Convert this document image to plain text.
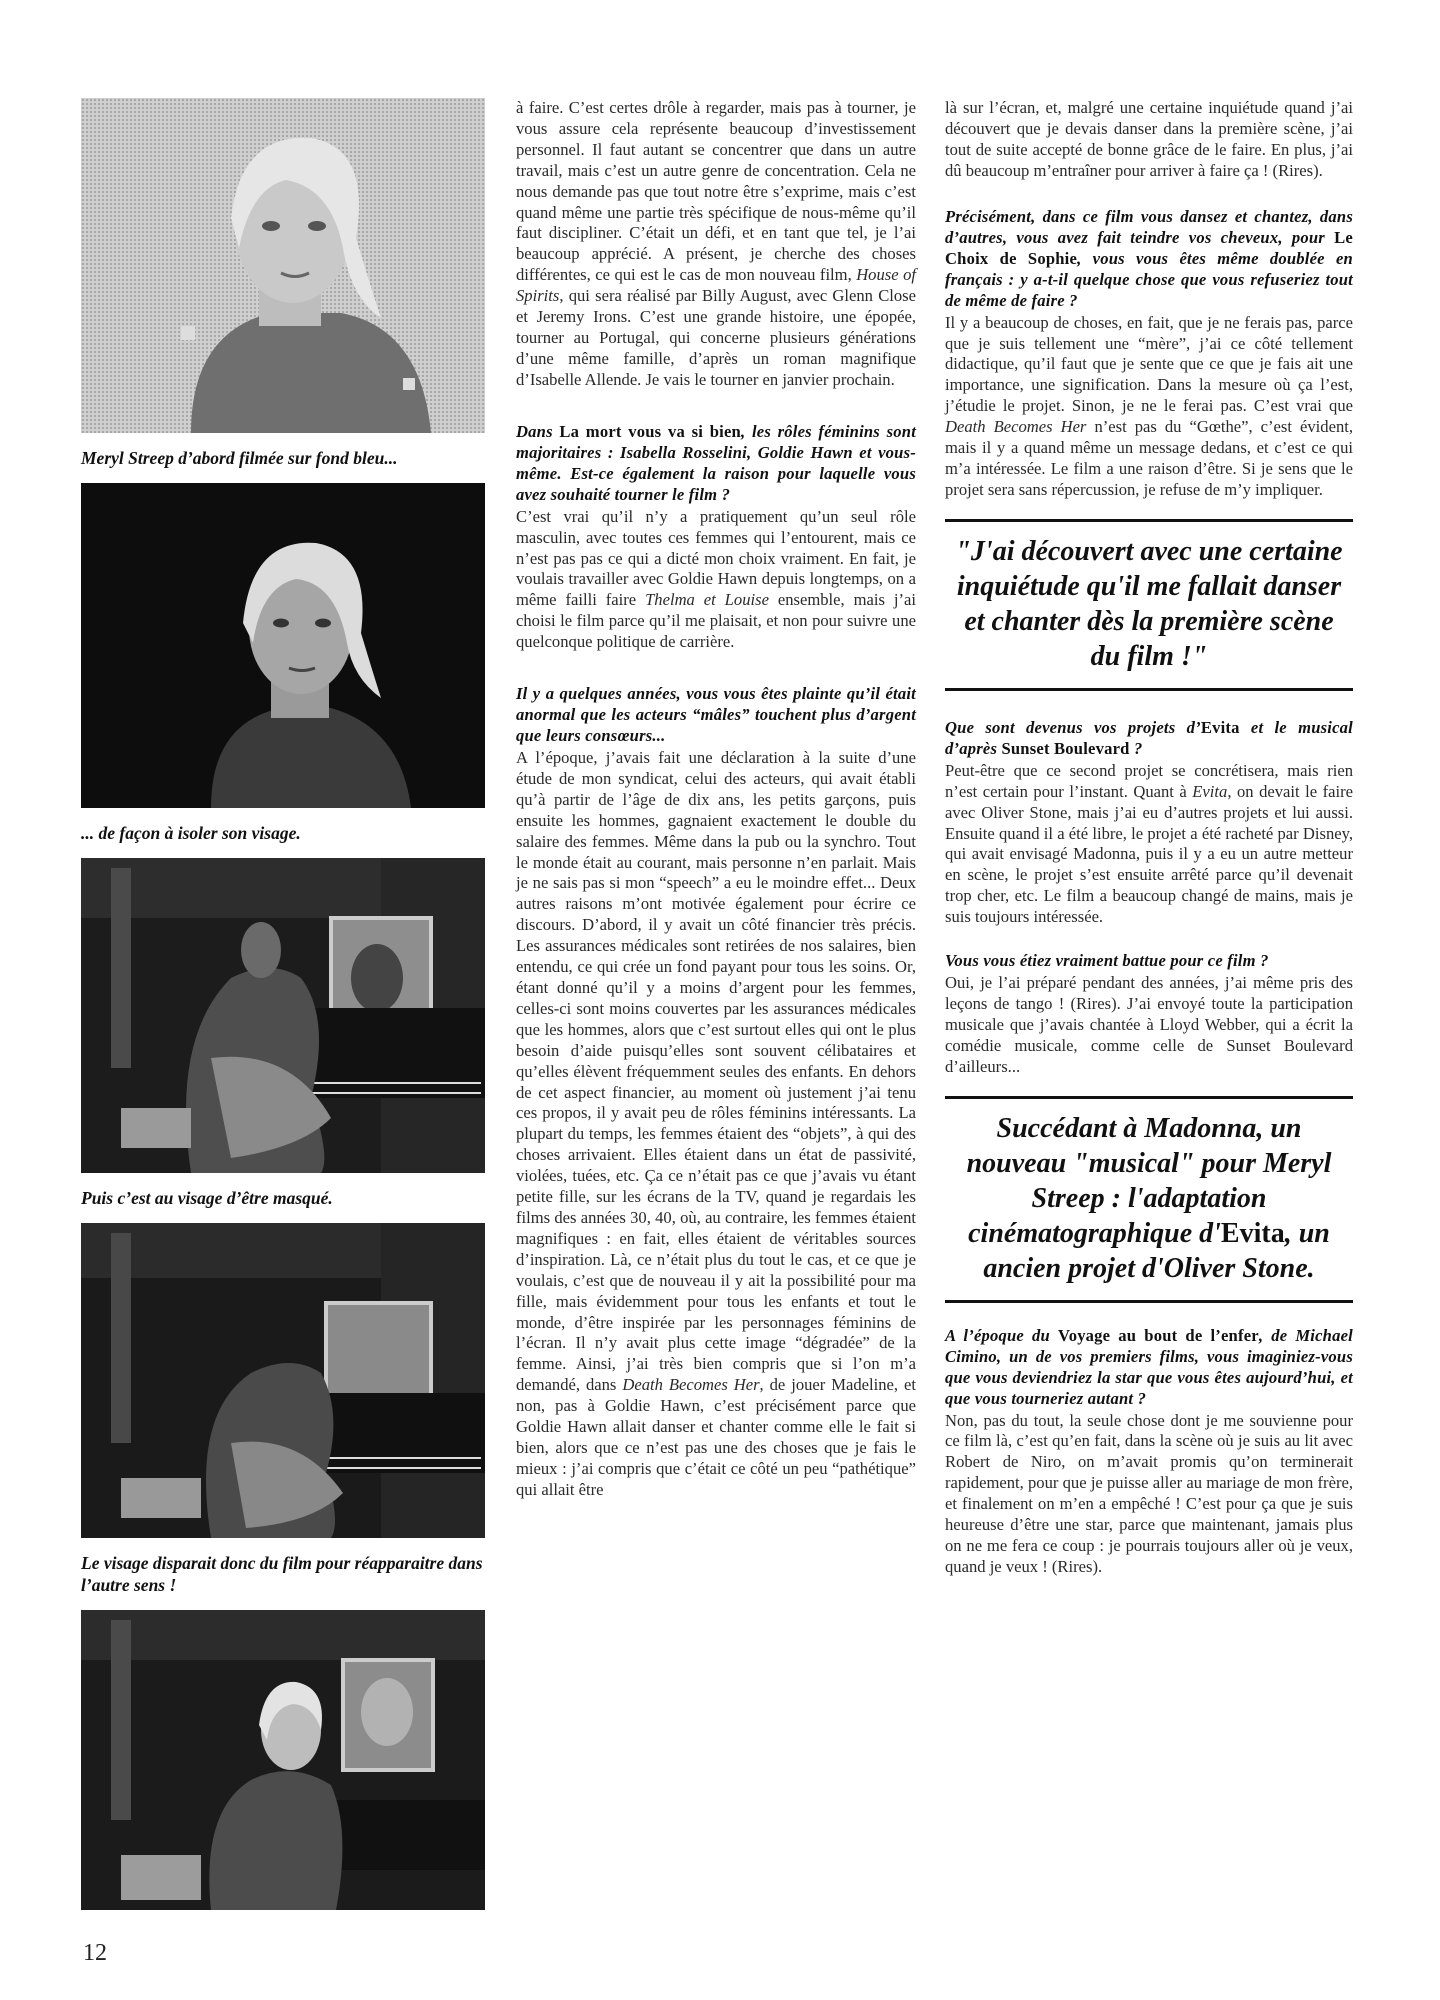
Meryl Streep d’abord filmée sur fond bleu...
... de façon à isoler son visage.
Puis c’est au visage d’être masqué.
Le visage disparait donc du film pour réapparaitre dans l’autre sens !

à faire. C’est certes drôle à regarder, mais pas à tourner, je vous assure cela représente beaucoup d’investissement personnel. Il faut autant se concentrer que dans un autre travail, mais c’est un autre genre de concentration. Cela ne nous demande pas que tout notre être s’exprime, mais c’est quand même une partie très spécifique de nous-même qu’il faut discipliner. C’était un défi, et en tant que tel, je l’ai beaucoup apprécié. A présent, je cherche des choses différentes, ce qui est le cas de mon nouveau film, House of Spirits, qui sera réalisé par Billy August, avec Glenn Close et Jeremy Irons. C’est une grande histoire, une épopée, tourner au Portugal, qui concerne plusieurs générations d’une même famille, d’après un roman magnifique d’Isabelle Allende. Je vais le tourner en janvier prochain.

Dans La mort vous va si bien, les rôles féminins sont majoritaires : Isabella Rosselini, Goldie Hawn et vous-même. Est-ce également la raison pour laquelle vous avez souhaité tourner le film ?

C’est vrai qu’il n’y a pratiquement qu’un seul rôle masculin, avec toutes ces femmes qui l’entourent, mais ce n’est pas pas ce qui a dicté mon choix vraiment. En fait, je voulais travailler avec Goldie Hawn depuis longtemps, on a même failli faire Thelma et Louise ensemble, mais j’ai choisi le film parce qu’il me plaisait, et non pour suivre une quelconque politique de carrière.

Il y a quelques années, vous vous êtes plainte qu’il était anormal que les acteurs “mâles” touchent plus d’argent que leurs consœurs...

A l’époque, j’avais fait une déclaration à la suite d’une étude de mon syndicat, celui des acteurs, qui avait établi qu’à partir de l’âge de dix ans, les petits garçons, puis ensuite les hommes, gagnaient exactement le double du salaire des femmes. Même dans la pub ou la synchro. Tout le monde était au courant, mais personne n’en parlait. Mais je ne sais pas si mon “speech” a eu le moindre effet... Deux autres raisons m’ont motivée également pour écrire ce discours. D’abord, il y avait un côté financier très précis. Les assurances médicales sont retirées de nos salaires, bien entendu, ce qui crée un fond payant pour tous les soins. Or, étant donné qu’il y a moins d’argent pour les femmes, celles-ci sont moins couvertes par les assurances médicales que les hommes, alors que c’est surtout elles qui ont le plus besoin d’aide puisqu’elles sont souvent célibataires et qu’elles élèvent fréquemment seules des enfants. En dehors de cet aspect financier, au moment où justement j’ai tenu ces propos, il y avait peu de rôles féminins intéressants. La plupart du temps, les femmes étaient des “objets”, à qui des choses arrivaient. Elles étaient dans un état de passivité, violées, tuées, etc. Ça ce n’était pas ce que j’avais vu étant petite fille, sur les écrans de la TV, quand je regardais les films des années 30, 40, où, au contraire, les femmes étaient magnifiques : en fait, elles étaient de véritables sources d’inspiration. Là, ce n’était plus du tout le cas, et ce que je voulais, c’est que de nouveau il y ait la possibilité pour ma fille, mais évidemment pour tous les enfants et tout le monde, d’être inspirée par les personnages féminins de l’écran. Il n’y avait plus cette image “dégradée” de la femme. Ainsi, j’ai très bien compris que si l’on m’a demandé, dans Death Becomes Her, de jouer Madeline, et non, pas à Goldie Hawn, c’est précisément parce que Goldie Hawn allait danser et chanter comme elle le fait si bien, alors que ce n’est pas une des choses que je fais le mieux : j’ai compris que c’était ce côté un peu “pathétique” qui allait être

là sur l’écran, et, malgré une certaine inquiétude quand j’ai découvert que je devais danser dans la première scène, j’ai tout de suite accepté de bonne grâce de le faire. En plus, j’ai dû beaucoup m’entraîner pour arriver à faire ça ! (Rires).

Précisément, dans ce film vous dansez et chantez, dans d’autres, vous avez fait teindre vos cheveux, pour Le Choix de Sophie, vous vous êtes même doublée en français : y a-t-il quelque chose que vous refuseriez tout de même de faire ?

Il y a beaucoup de choses, en fait, que je ne ferais pas, parce que je suis tellement une “mère”, j’ai ce côté tellement didactique, qu’il faut que je sente que ce que je fais ait une importance, une signification. Dans la mesure où ça l’est, j’étudie le projet. Sinon, je ne le ferai pas. C’est vrai que Death Becomes Her n’est pas du “Gœthe”, c’est évident, mais il y a quand même un message dedans, et c’est ce qui m’a intéressée. Le film a une raison d’être. Si je sens que le projet sera sans répercussion, je refuse de m’y impliquer.

"J'ai découvert avec une certaine inquiétude qu'il me fallait danser et chanter dès la première scène du film !"

Que sont devenus vos projets d’Evita et le musical d’après Sunset Boulevard ?

Peut-être que ce second projet se concrétisera, mais rien n’est certain pour l’instant. Quant à Evita, on devait le faire avec Oliver Stone, mais j’ai eu d’autres projets et lui aussi. Ensuite quand il a été libre, le projet a été racheté par Disney, qui avait envisagé Madonna, puis il y a eu un autre metteur en scène, le projet s’est ensuite arrêté parce qu’il devenait trop cher, etc. Le film a beaucoup changé de mains, mais je suis toujours intéressée.

Vous vous étiez vraiment battue pour ce film ?

Oui, je l’ai préparé pendant des années, j’ai même pris des leçons de tango ! (Rires). J’ai envoyé toute la participation musicale que j’avais chantée à Lloyd Webber, qui a écrit la comédie musicale, comme celle de Sunset Boulevard d’ailleurs...

Succédant à Madonna, un nouveau "musical" pour Meryl Streep : l'adaptation cinématographique d'Evita, un ancien projet d'Oliver Stone.

A l’époque du Voyage au bout de l’enfer, de Michael Cimino, un de vos premiers films, vous imaginiez-vous que vous deviendriez la star que vous êtes aujourd’hui, et que vous tourneriez autant ?

Non, pas du tout, la seule chose dont je me souvienne pour ce film là, c’est qu’en fait, dans la scène où je suis au lit avec Robert de Niro, on m’avait promis qu’on terminerait rapidement, pour que je puisse aller au mariage de mon frère, et finalement on m’en a empêché ! C’est pour ça que je suis heureuse d’être une star, parce que maintenant, jamais plus on ne me fera ce coup : je pourrais toujours aller où je veux, quand je veux ! (Rires).

12
